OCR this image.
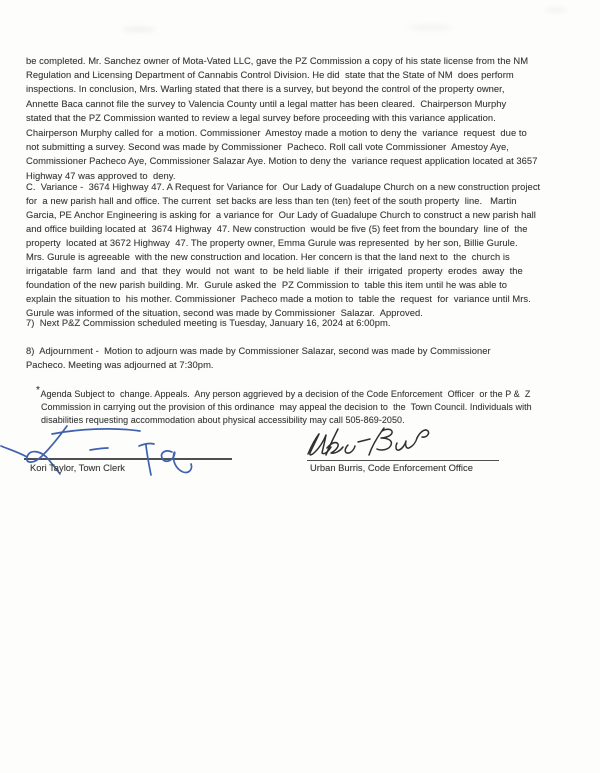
be completed. Mr. Sanchez owner of Mota-Vated LLC, gave the PZ Commission a copy of his state license from the NM
Regulation and Licensing Department of Cannabis Control Division. He did  state that the State of NM  does perform
inspections. In conclusion, Mrs. Warling stated that there is a survey, but beyond the control of the property owner,
Annette Baca cannot file the survey to Valencia County until a legal matter has been cleared.  Chairperson Murphy
stated that the PZ Commission wanted to review a legal survey before proceeding with this variance application.
Chairperson Murphy called for  a motion. Commissioner  Amestoy made a motion to deny the  variance  request  due to
not submitting a survey. Second was made by Commissioner  Pacheco. Roll call vote Commissioner  Amestoy Aye,
Commissioner Pacheco Aye, Commissioner Salazar Aye. Motion to deny the  variance request application located at 3657
Highway 47 was approved to  deny.
C.  Variance -  3674 Highway 47. A Request for Variance for  Our Lady of Guadalupe Church on a new construction project
for  a new parish hall and office. The current  set backs are less than ten (ten) feet of the south property  line.   Martin
Garcia, PE Anchor Engineering is asking for  a variance for  Our Lady of Guadalupe Church to construct a new parish hall
and office building located at  3674 Highway  47. New construction  would be five (5) feet from the boundary  line of  the
property  located at 3672 Highway  47. The property owner, Emma Gurule was represented  by her son, Billie Gurule.
Mrs. Gurule is agreeable  with the new construction and location. Her concern is that the land next to  the  church is
irrigatable  farm  land  and  that  they  would  not  want  to  be held liable  if  their  irrigated  property  erodes  away  the
foundation of the new parish building. Mr.  Gurule asked the  PZ Commission to  table this item until he was able to
explain the situation to  his mother. Commissioner  Pacheco made a motion to  table the  request  for  variance until Mrs.
Gurule was informed of the situation, second was made by Commissioner  Salazar.  Approved.
7)  Next P&Z Commission scheduled meeting is Tuesday, January 16, 2024 at 6:00pm.
8)  Adjournment -  Motion to adjourn was made by Commissioner Salazar, second was made by Commissioner
Pacheco. Meeting was adjourned at 7:30pm.
*Agenda Subject to  change. Appeals.  Any person aggrieved by a decision of the Code Enforcement  Officer  or the P &  Z
Commission in carrying out the provision of this ordinance  may appeal the decision to  the  Town Council. Individuals with
disabilities requesting accommodation about physical accessibility may call 505-869-2050.
Kori Taylor, Town Clerk	Urban Burris, Code Enforcement Office
